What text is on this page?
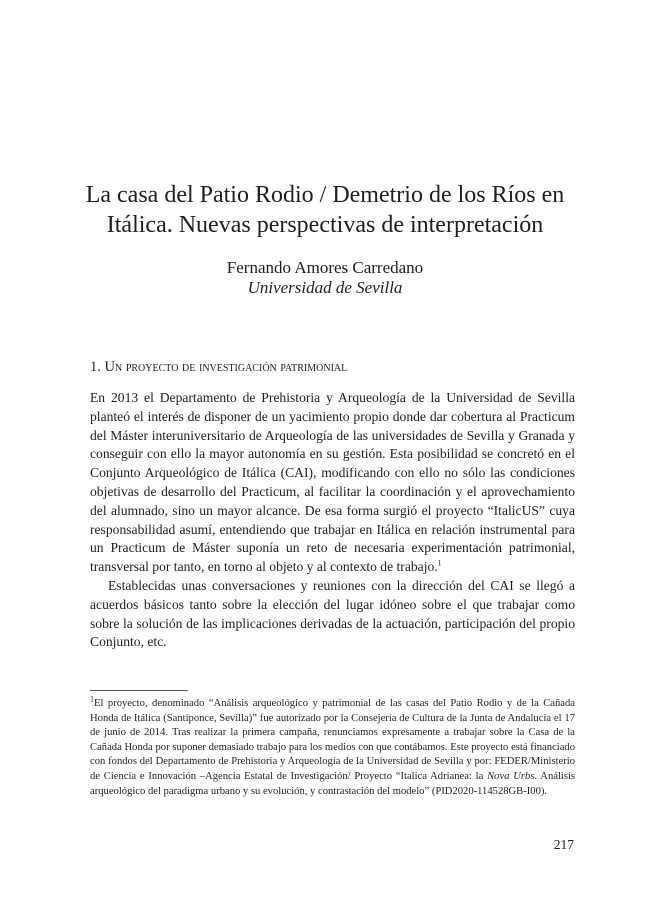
La casa del Patio Rodio / Demetrio de los Ríos en Itálica. Nuevas perspectivas de interpretación

Fernando Amores Carredano

Universidad de Sevilla

1. Un proyecto de investigación patrimonial

En 2013 el Departamento de Prehistoria y Arqueología de la Universidad de Sevilla planteó el interés de disponer de un yacimiento propio donde dar cobertura al Practicum del Máster interuniversitario de Arqueología de las universidades de Sevilla y Granada y conseguir con ello la mayor autonomía en su gestión. Esta posibilidad se concretó en el Conjunto Arqueológico de Itálica (CAI), modificando con ello no sólo las condiciones objetivas de desarrollo del Practicum, al facilitar la coordinación y el aprovechamiento del alumnado, sino un mayor alcance. De esa forma surgió el proyecto “ItalicUS” cuya responsabilidad asumí, entendiendo que trabajar en Itálica en relación instrumental para un Practicum de Máster suponía un reto de necesaria experimentación patrimonial, transversal por tanto, en torno al objeto y al contexto de trabajo.$^1$

Establecidas unas conversaciones y reuniones con la dirección del CAI se llegó a acuerdos básicos tanto sobre la elección del lugar idóneo sobre el que trabajar como sobre la solución de las implicaciones derivadas de la actuación, participación del propio Conjunto, etc.

$^1$El proyecto, denominado “Análisis arqueológico y patrimonial de las casas del Patio Rodio y de la Cañada Honda de Itálica (Santiponce, Sevilla)” fue autorizado por la Consejería de Cultura de la Junta de Andalucía el 17 de junio de 2014. Tras realizar la primera campaña, renunciamos expresamente a trabajar sobre la Casa de la Cañada Honda por suponer demasiado trabajo para los medios con que contábamos. Este proyecto está financiado con fondos del Departamento de Prehistoria y Arqueología de la Universidad de Sevilla y por: FEDER/Ministerio de Ciencia e Innovación –Agencia Estatal de Investigación/ Proyecto “Italica Adrianea: la Nova Urbs. Análisis arqueológico del paradigma urbano y su evolución, y contrastación del modelo” (PID2020-114528GB-I00).

217
